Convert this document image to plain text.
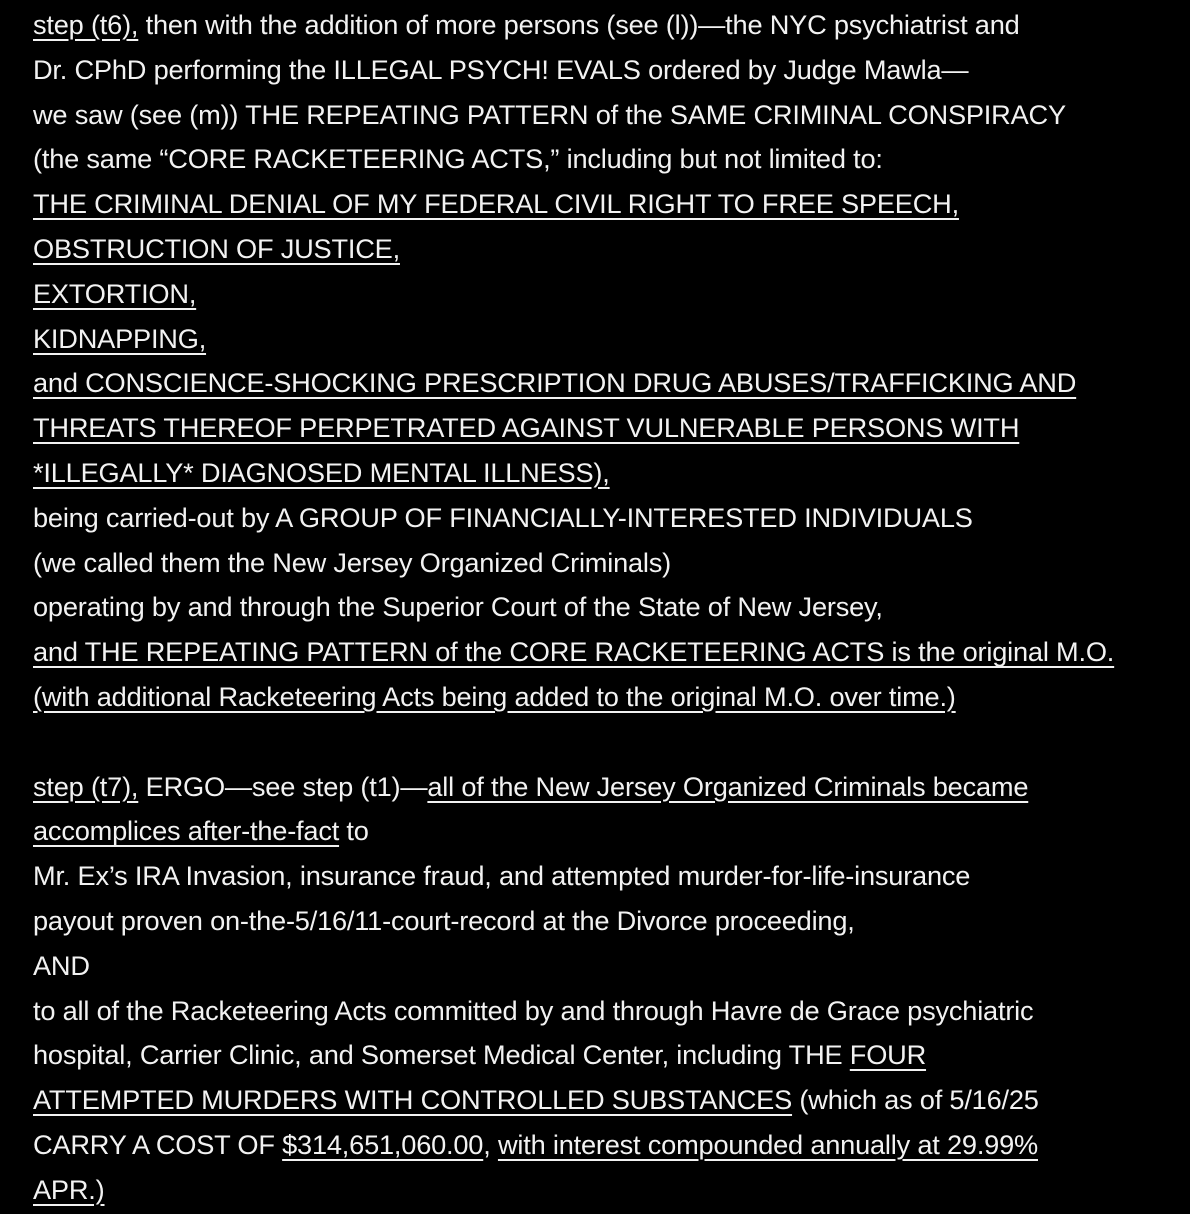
step (t6), then with the addition of more persons (see (l))—the NYC psychiatrist and
Dr. CPhD performing the ILLEGAL PSYCH! EVALS ordered by Judge Mawla—
we saw (see (m)) THE REPEATING PATTERN of the SAME CRIMINAL CONSPIRACY
(the same “CORE RACKETEERING ACTS,” including but not limited to:
THE CRIMINAL DENIAL OF MY FEDERAL CIVIL RIGHT TO FREE SPEECH,
OBSTRUCTION OF JUSTICE,
EXTORTION,
KIDNAPPING,
and CONSCIENCE-SHOCKING PRESCRIPTION DRUG ABUSES/TRAFFICKING AND
THREATS THEREOF PERPETRATED AGAINST VULNERABLE PERSONS WITH
*ILLEGALLY* DIAGNOSED MENTAL ILLNESS),
being carried-out by A GROUP OF FINANCIALLY-INTERESTED INDIVIDUALS
(we called them the New Jersey Organized Criminals)
operating by and through the Superior Court of the State of New Jersey,
and THE REPEATING PATTERN of the CORE RACKETEERING ACTS is the original M.O.
(with additional Racketeering Acts being added to the original M.O. over time.)
step (t7), ERGO—see step (t1)—all of the New Jersey Organized Criminals became
accomplices after-the-fact to
Mr. Ex’s IRA Invasion, insurance fraud, and attempted murder-for-life-insurance
payout proven on-the-5/16/11-court-record at the Divorce proceeding,
AND
to all of the Racketeering Acts committed by and through Havre de Grace psychiatric
hospital, Carrier Clinic, and Somerset Medical Center, including THE FOUR
ATTEMPTED MURDERS WITH CONTROLLED SUBSTANCES (which as of 5/16/25
CARRY A COST OF $314,651,060.00, with interest compounded annually at 29.99%
APR.)
